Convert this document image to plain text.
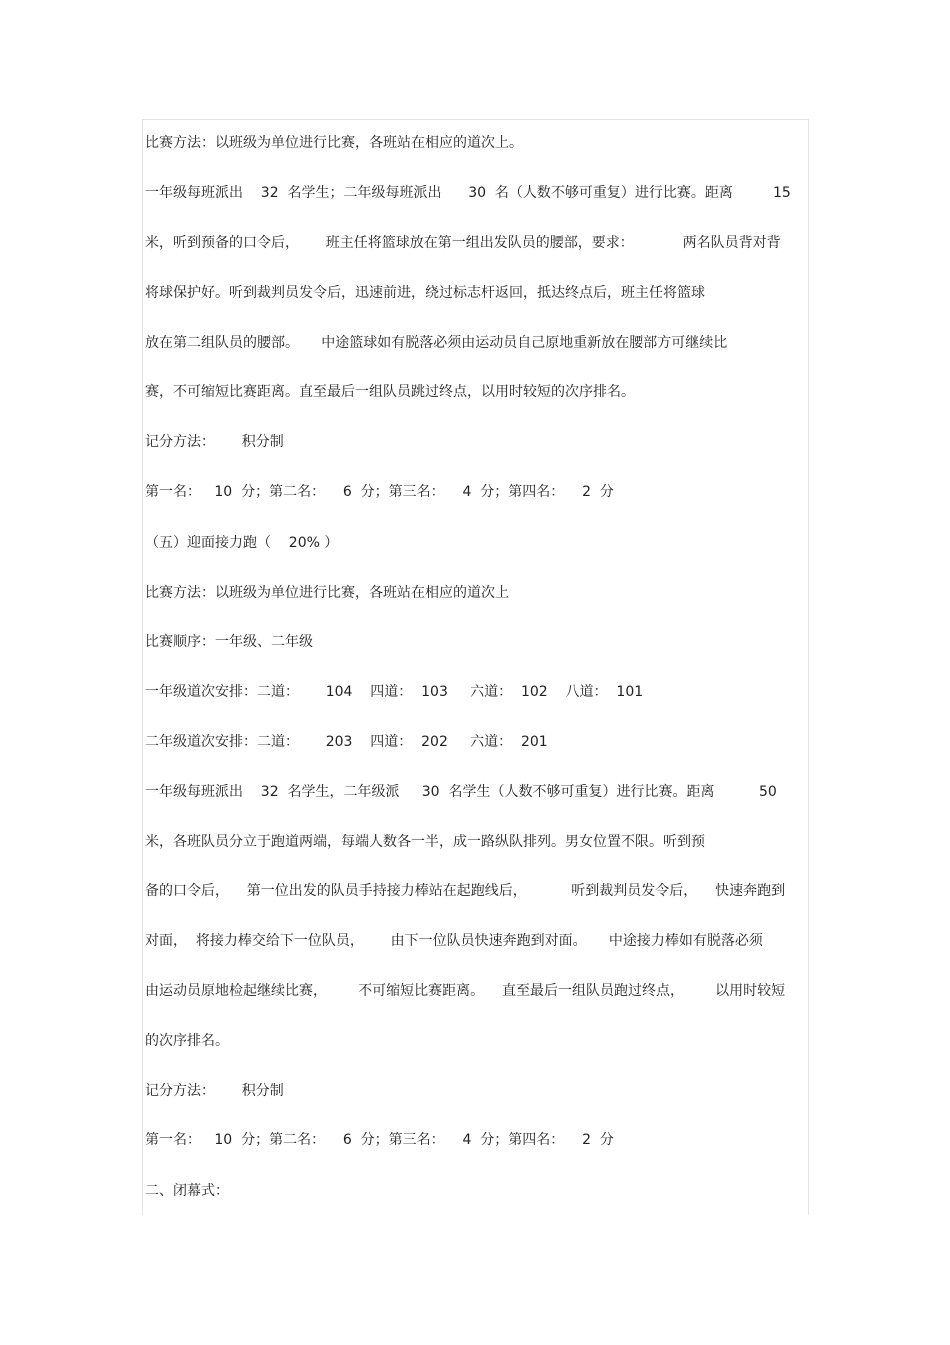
比赛方法：以班级为单位进行比赛，各班站在相应的道次上。
一年级每班派出    32  名学生；二年级每班派出      30  名（人数不够可重复）进行比赛。距离         15
米，听到预备的口令后，      班主任将篮球放在第一组出发队员的腰部，要求：           两名队员背对背
将球保护好。听到裁判员发令后，迅速前进，绕过标志杆返回，抵达终点后，班主任将篮球
放在第二组队员的腰部。     中途篮球如有脱落必须由运动员自己原地重新放在腰部方可继续比
赛，不可缩短比赛距离。直至最后一组队员跳过终点，以用时较短的次序排名。
记分方法：      积分制
第一名：   10  分；第二名：    6  分；第三名：    4  分；第四名：    2  分
（五）迎面接力跑（    20% ）
比赛方法：以班级为单位进行比赛，各班站在相应的道次上
比赛顺序：一年级、二年级
一年级道次安排：二道：      104    四道：  103     六道：  102    八道：  101
二年级道次安排：二道：      203    四道：  202     六道：  201
一年级每班派出    32  名学生，二年级派     30  名学生（人数不够可重复）进行比赛。距离          50
米，各班队员分立于跑道两端，每端人数各一半，成一路纵队排列。男女位置不限。听到预
备的口令后，    第一位出发的队员手持接力棒站在起跑线后，          听到裁判员发令后，    快速奔跑到
对面，  将接力棒交给下一位队员，      由下一位队员快速奔跑到对面。     中途接力棒如有脱落必须
由运动员原地检起继续比赛，       不可缩短比赛距离。    直至最后一组队员跑过终点，       以用时较短
的次序排名。
记分方法：      积分制
第一名：   10  分；第二名：    6  分；第三名：    4  分；第四名：    2  分
二、闭幕式：
